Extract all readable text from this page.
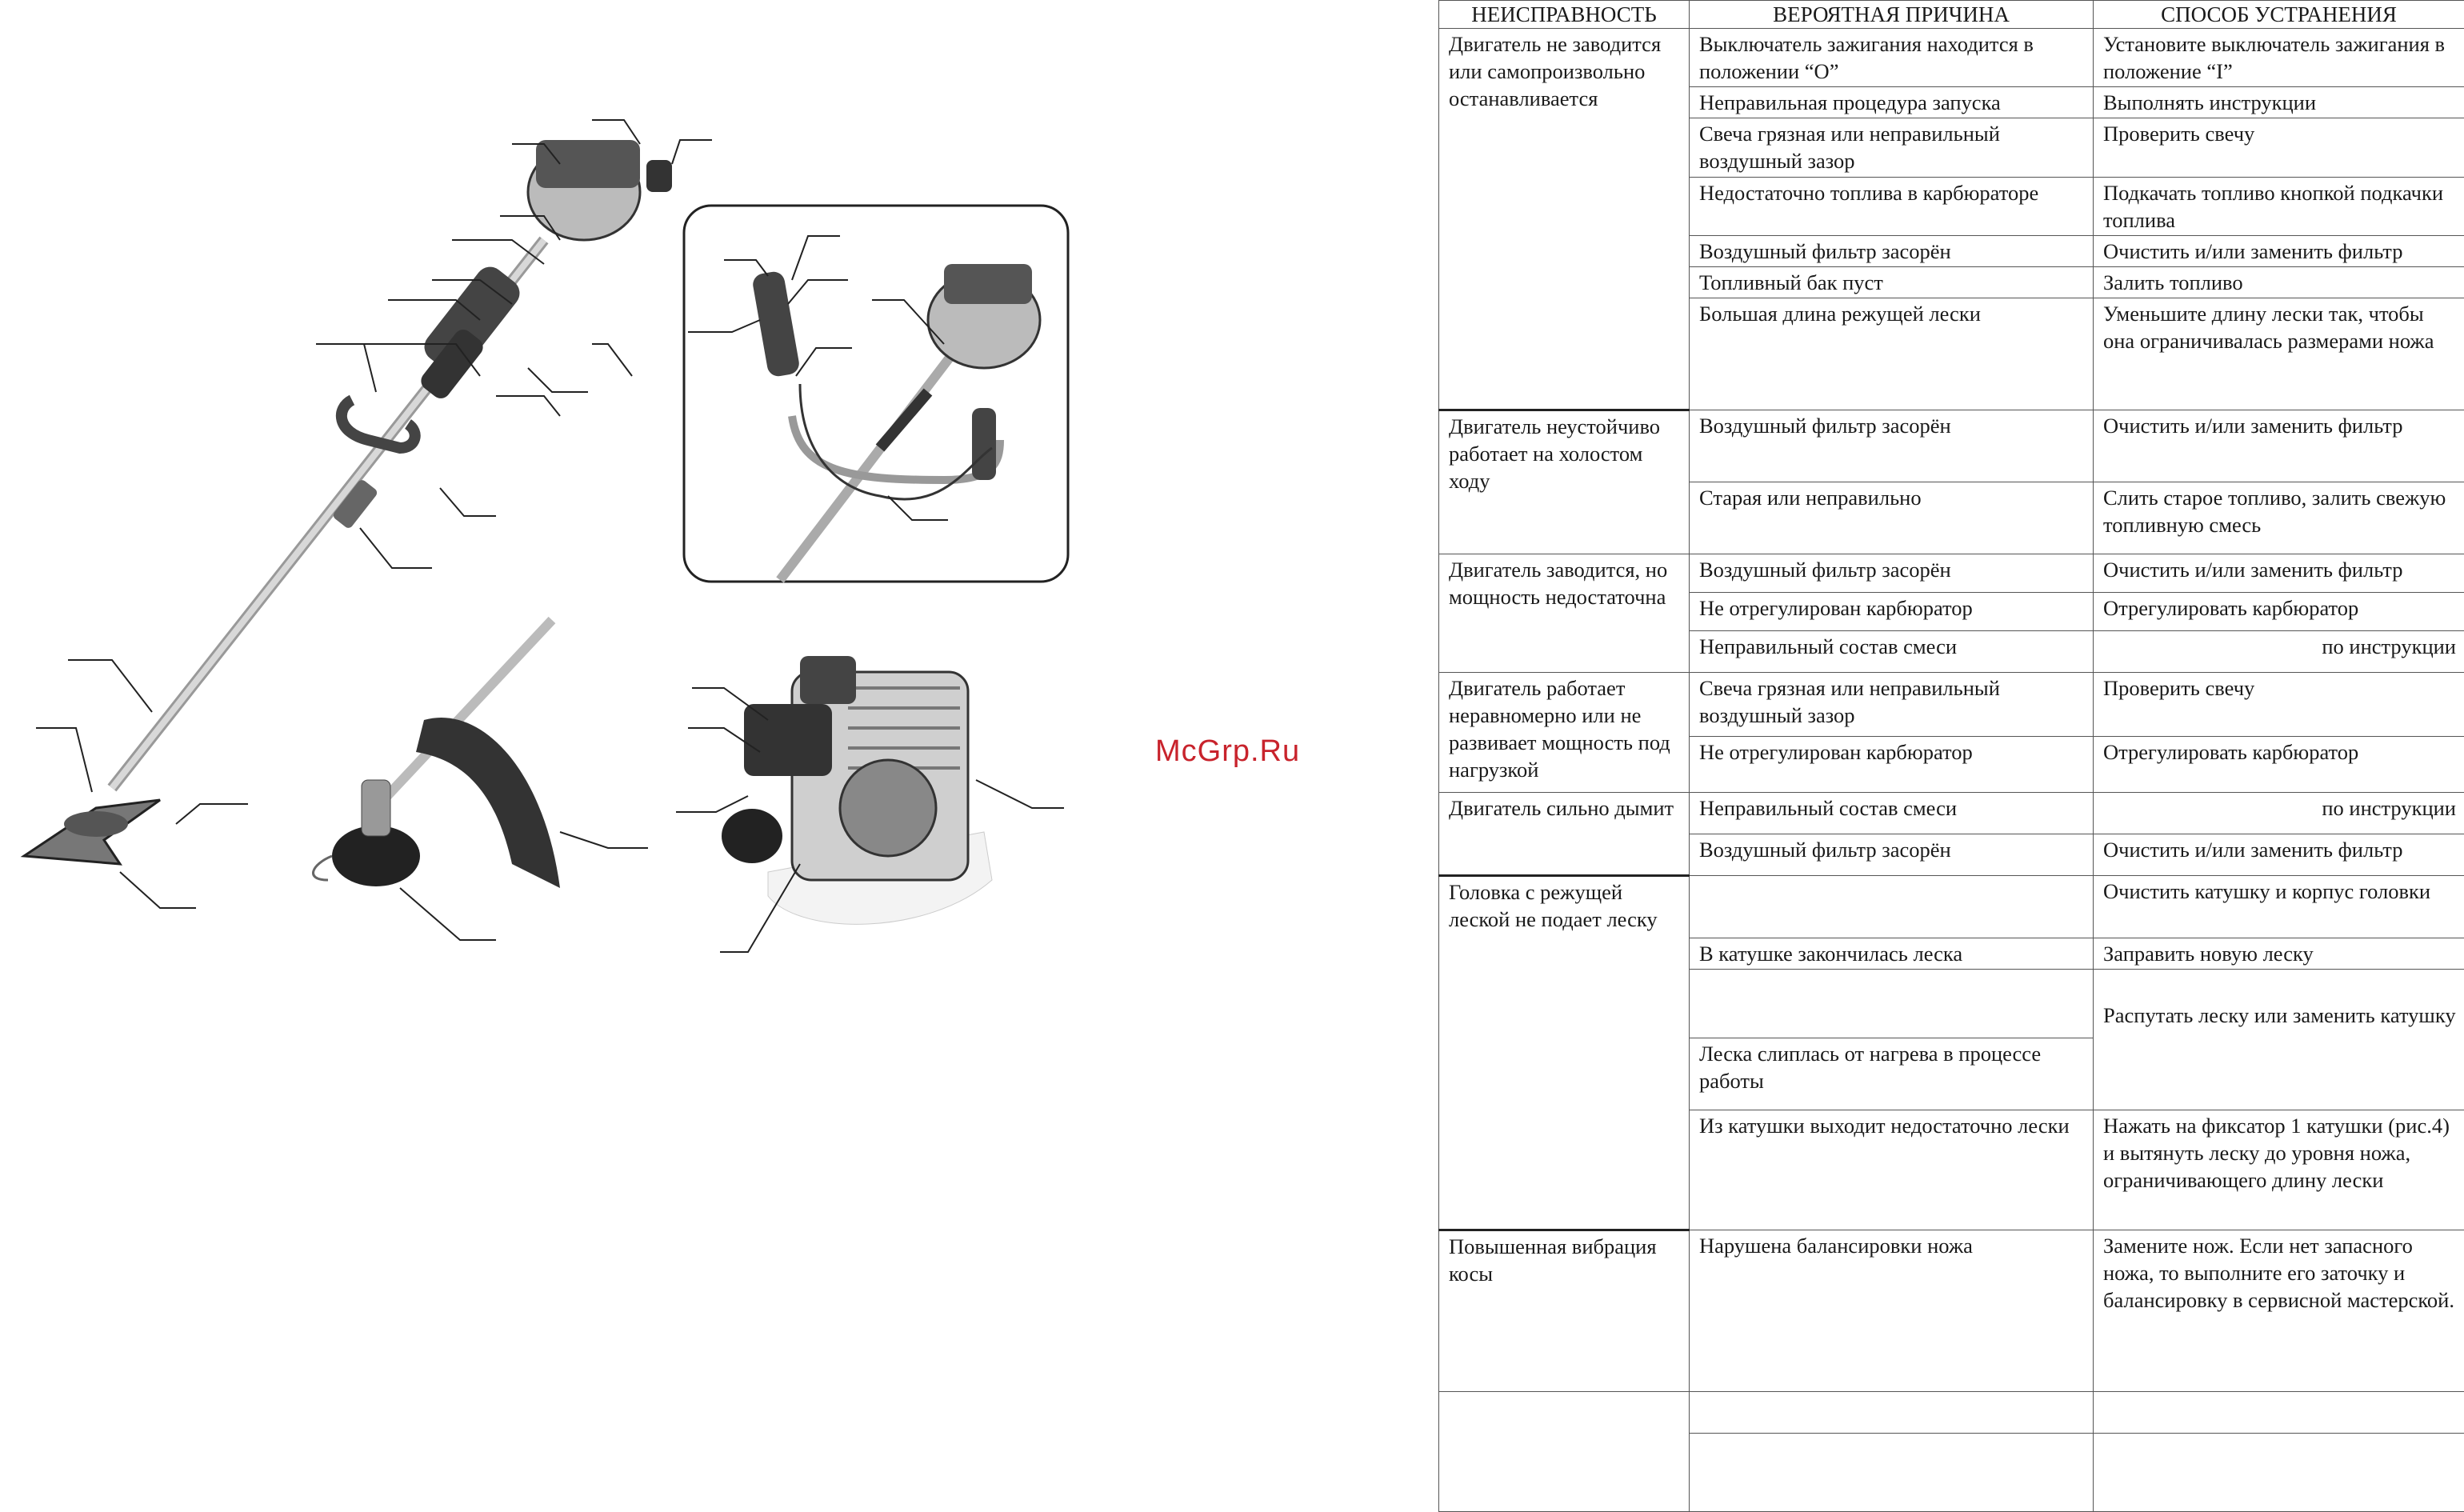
McGrp.Ru
НЕИСПРАВНОСТЬ	ВЕРОЯТНАЯ ПРИЧИНА	СПОСОБ УСТРАНЕНИЯ
Двигатель не заводится или самопроизвольно останавливается	Выключатель зажигания находится в положении “О”	Установите выключатель зажигания в положение “I”
	Неправильная процедура запуска	Выполнять инструкции
	Свеча грязная или неправильный воздушный зазор	Проверить свечу
	Недостаточно топлива в карбюраторе	Подкачать топливо кнопкой подкачки топлива
	Воздушный фильтр засорён	Очистить и/или заменить фильтр
	Топливный бак пуст	Залить топливо
	Большая длина режущей лески	Уменьшите длину лески так, чтобы она ограничивалась размерами ножа
Двигатель неустойчиво работает на холостом ходу	Воздушный фильтр засорён	Очистить и/или заменить фильтр
	Старая или неправильно	Слить старое топливо, залить свежую топливную смесь
Двигатель заводится, но мощность недостаточна	Воздушный фильтр засорён	Очистить и/или заменить фильтр
	Не отрегулирован карбюратор	Отрегулировать карбюратор
	Неправильный состав смеси	по инструкции
Двигатель работает неравномерно или не развивает мощность под нагрузкой	Свеча грязная или неправильный воздушный зазор	Проверить свечу
	Не отрегулирован карбюратор	Отрегулировать карбюратор
Двигатель сильно дымит	Неправильный состав смеси	по инструкции
	Воздушный фильтр засорён	Очистить и/или заменить фильтр
Головка с режущей леской не подает леску		Очистить катушку и корпус головки
	В катушке закончилась леска	Заправить новую леску
		Распутать леску или заменить катушку
	Леска слиплась от нагрева в процессе работы	
	Из катушки выходит недостаточно лески	Нажать на фиксатор 1 катушки (рис.4) и вытянуть леску до уровня ножа, ограничивающего длину лески
Повышенная вибрация косы	Нарушена балансировки ножа	Замените нож. Если нет запасного ножа, то выполните его заточку и балансировку в сервисной мастерской.
